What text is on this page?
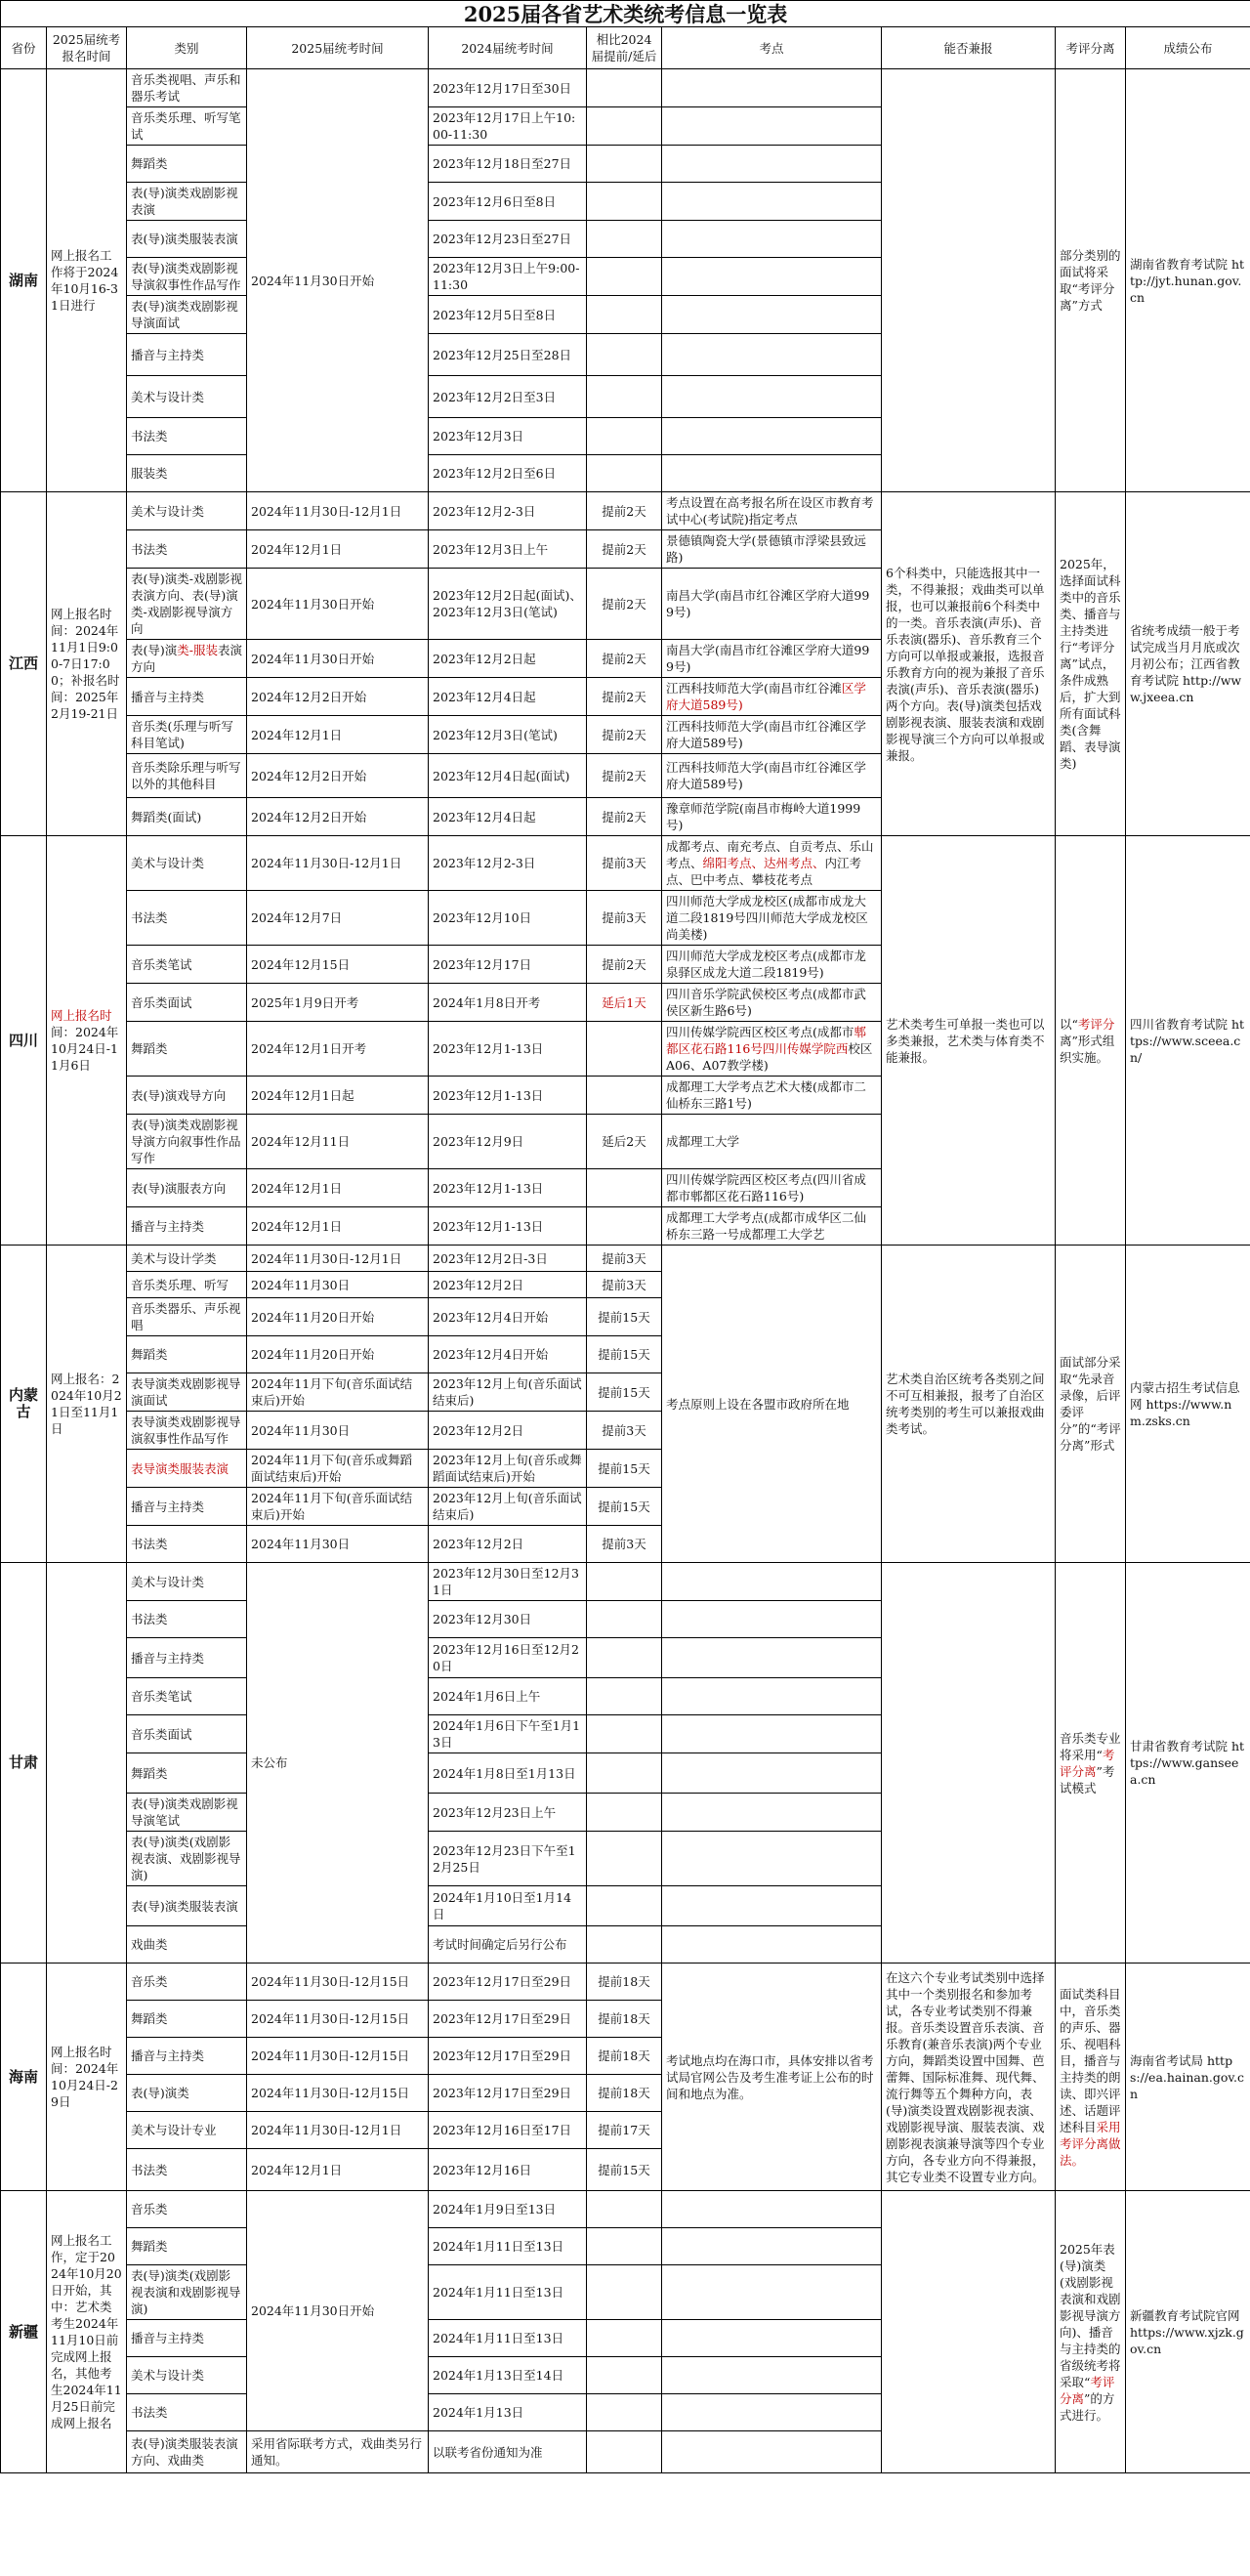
2025届各省艺术类统考信息一览表									
省份	2025届统考报名时间	类别	2025届统考时间	2024届统考时间	相比2024届提前/延后	考点	能否兼报	考评分离	成绩公布
湖南	网上报名工作将于2024年10月16-31日进行	音乐类视唱、声乐和器乐考试	2024年11月30日开始	2023年12月17日至30日				部分类别的面试将采取“考评分离”方式	湖南省教育考试院 http://jyt.hunan.gov.cn
		音乐类乐理、听写笔试		2023年12月17日上午10:00-11:30					
		舞蹈类		2023年12月18日至27日					
		表(导)演类戏剧影视表演		2023年12月6日至8日					
		表(导)演类服装表演		2023年12月23日至27日					
		表(导)演类戏剧影视导演叙事性作品写作		2023年12月3日上午9:00-11:30					
		表(导)演类戏剧影视导演面试		2023年12月5日至8日					
		播音与主持类		2023年12月25日至28日					
		美术与设计类		2023年12月2日至3日					
		书法类		2023年12月3日					
		服装类		2023年12月2日至6日					
江西	网上报名时间：2024年11月1日9:00-7日17:00；补报名时间：2025年2月19-21日	美术与设计类	2024年11月30日-12月1日	2023年12月2-3日	提前2天	考点设置在高考报名所在设区市教育考试中心(考试院)指定考点	6个科类中，只能选报其中一类，不得兼报；戏曲类可以单报，也可以兼报前6个科类中的一类。音乐表演(声乐)、音乐表演(器乐)、音乐教育三个方向可以单报或兼报，选报音乐教育方向的视为兼报了音乐表演(声乐)、音乐表演(器乐)两个方向。表(导)演类包括戏剧影视表演、服装表演和戏剧影视导演三个方向可以单报或兼报。	2025年，选择面试科类中的音乐类、播音与主持类进行“考评分离”试点，条件成熟后，扩大到所有面试科类(含舞蹈、表导演类)	省统考成绩一般于考试完成当月月底或次月初公布；江西省教育考试院 http://www.jxeea.cn
		书法类	2024年12月1日	2023年12月3日上午	提前2天	景德镇陶瓷大学(景德镇市浮梁县致远路)			
		表(导)演类-戏剧影视表演方向、表(导)演类-戏剧影视导演方向	2024年11月30日开始	2023年12月2日起(面试)、2023年12月3日(笔试)	提前2天	南昌大学(南昌市红谷滩区学府大道999号)			
		表(导)演类-服装表演方向	2024年11月30日开始	2023年12月2日起	提前2天	南昌大学(南昌市红谷滩区学府大道999号)			
		播音与主持类	2024年12月2日开始	2023年12月4日起	提前2天	江西科技师范大学(南昌市红谷滩区学府大道589号)			
		音乐类(乐理与听写科目笔试)	2024年12月1日	2023年12月3日(笔试)	提前2天	江西科技师范大学(南昌市红谷滩区学府大道589号)			
		音乐类除乐理与听写以外的其他科目	2024年12月2日开始	2023年12月4日起(面试)	提前2天	江西科技师范大学(南昌市红谷滩区学府大道589号)			
		舞蹈类(面试)	2024年12月2日开始	2023年12月4日起	提前2天	豫章师范学院(南昌市梅岭大道1999号)			
四川	网上报名时间：2024年10月24日-11月6日	美术与设计类	2024年11月30日-12月1日	2023年12月2-3日	提前3天	成都考点、南充考点、自贡考点、乐山考点、绵阳考点、达州考点、内江考点、巴中考点、攀枝花考点	艺术类考生可单报一类也可以多类兼报，艺术类与体育类不能兼报。	以“考评分离”形式组织实施。	四川省教育考试院 https://www.sceea.cn/
		书法类	2024年12月7日	2023年12月10日	提前3天	四川师范大学成龙校区(成都市成龙大道二段1819号四川师范大学成龙校区尚美楼)			
		音乐类笔试	2024年12月15日	2023年12月17日	提前2天	四川师范大学成龙校区考点(成都市龙泉驿区成龙大道二段1819号)			
		音乐类面试	2025年1月9日开考	2024年1月8日开考	延后1天	四川音乐学院武侯校区考点(成都市武侯区新生路6号)			
		舞蹈类	2024年12月1日开考	2023年12月1-13日		四川传媒学院西区校区考点(成都市郫都区花石路116号四川传媒学院西校区A06、A07教学楼)			
		表(导)演戏导方向	2024年12月1日起	2023年12月1-13日		成都理工大学考点艺术大楼(成都市二仙桥东三路1号)			
		表(导)演类戏剧影视导演方向叙事性作品写作	2024年12月11日	2023年12月9日	延后2天	成都理工大学			
		表(导)演服表方向	2024年12月1日	2023年12月1-13日		四川传媒学院西区校区考点(四川省成都市郫都区花石路116号)			
		播音与主持类	2024年12月1日	2023年12月1-13日		成都理工大学考点(成都市成华区二仙桥东三路一号成都理工大学艺			
内蒙古	网上报名：2024年10月21日至11月1日	美术与设计学类	2024年11月30日-12月1日	2023年12月2日-3日	提前3天	考点原则上设在各盟市政府所在地	艺术类自治区统考各类别之间不可互相兼报，报考了自治区统考类别的考生可以兼报戏曲类考试。	面试部分采取“先录音录像，后评委评分”的“考评分离”形式	内蒙古招生考试信息网 https://www.nm.zsks.cn
		音乐类乐理、听写	2024年11月30日	2023年12月2日	提前3天				
		音乐类器乐、声乐视唱	2024年11月20日开始	2023年12月4日开始	提前15天				
		舞蹈类	2024年11月20日开始	2023年12月4日开始	提前15天				
		表导演类戏剧影视导演面试	2024年11月下旬(音乐面试结束后)开始	2023年12月上旬(音乐面试结束后)	提前15天				
		表导演类戏剧影视导演叙事性作品写作	2024年11月30日	2023年12月2日	提前3天				
		表导演类服装表演	2024年11月下旬(音乐或舞蹈面试结束后)开始	2023年12月上旬(音乐或舞蹈面试结束后)开始	提前15天				
		播音与主持类	2024年11月下旬(音乐面试结束后)开始	2023年12月上旬(音乐面试结束后)	提前15天				
		书法类	2024年11月30日	2023年12月2日	提前3天				
甘肃		美术与设计类	未公布	2023年12月30日至12月31日				音乐类专业将采用“考评分离”考试模式	甘肃省教育考试院 https://www.ganseea.cn
		书法类		2023年12月30日					
		播音与主持类		2023年12月16日至12月20日					
		音乐类笔试		2024年1月6日上午					
		音乐类面试		2024年1月6日下午至1月13日					
		舞蹈类		2024年1月8日至1月13日					
		表(导)演类戏剧影视导演笔试		2023年12月23日上午					
		表(导)演类(戏剧影视表演、戏剧影视导演)		2023年12月23日下午至12月25日					
		表(导)演类服装表演		2024年1月10日至1月14日					
		戏曲类		考试时间确定后另行公布					
海南	网上报名时间：2024年10月24日-29日	音乐类	2024年11月30日-12月15日	2023年12月17日至29日	提前18天	考试地点均在海口市，具体安排以省考试局官网公告及考生准考证上公布的时间和地点为准。	在这六个专业考试类别中选择其中一个类别报名和参加考试，各专业考试类别不得兼报。音乐类设置音乐表演、音乐教育(兼音乐表演)两个专业方向，舞蹈类设置中国舞、芭蕾舞、国际标准舞、现代舞、流行舞等五个舞种方向，表(导)演类设置戏剧影视表演、戏剧影视导演、服装表演、戏剧影视表演兼导演等四个专业方向，各专业方向不得兼报，其它专业类不设置专业方向。	面试类科目中，音乐类的声乐、器乐、视唱科目，播音与主持类的朗读、即兴评述、话题评述科目采用考评分离做法。	海南省考试局 https://ea.hainan.gov.cn
		舞蹈类	2024年11月30日-12月15日	2023年12月17日至29日	提前18天				
		播音与主持类	2024年11月30日-12月15日	2023年12月17日至29日	提前18天				
		表(导)演类	2024年11月30日-12月15日	2023年12月17日至29日	提前18天				
		美术与设计专业	2024年11月30日-12月1日	2023年12月16日至17日	提前17天				
		书法类	2024年12月1日	2023年12月16日	提前15天				
新疆	网上报名工作，定于2024年10月20日开始，其中：艺术类考生2024年11月10日前完成网上报名，其他考生2024年11月25日前完成网上报名	音乐类	2024年11月30日开始	2024年1月9日至13日				2025年表(导)演类(戏剧影视表演和戏剧影视导演方向)、播音与主持类的省级统考将采取“考评分离”的方式进行。	新疆教育考试院官网 https://www.xjzk.gov.cn
		舞蹈类		2024年1月11日至13日					
		表(导)演类(戏剧影视表演和戏剧影视导演)		2024年1月11日至13日					
		播音与主持类		2024年1月11日至13日					
		美术与设计类		2024年1月13日至14日					
		书法类		2024年1月13日					
		表(导)演类服装表演方向、戏曲类	采用省际联考方式，戏曲类另行通知。	以联考省份通知为准					
